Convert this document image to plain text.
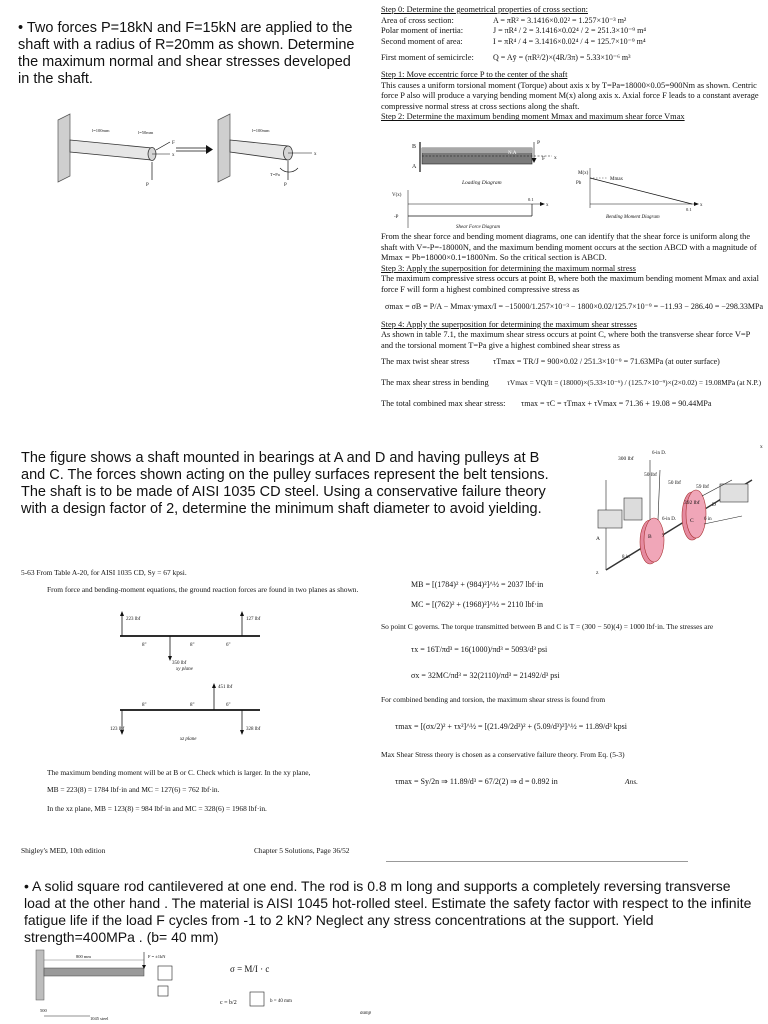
• Two forces P=18kN and F=15kN are applied to the shaft with a radius of R=20mm as shown. Determine the maximum normal and shear stresses developed in the shaft.
l=100mm	l=50mm
P
F
x
l=100mm
T=Pa
P
x
Step 0: Determine the geometrical properties of cross section:
Area of cross section:	A = πR² = 3.1416×0.02² = 1.257×10⁻³ m²
Polar moment of inertia:	J = πR⁴ / 2 = 3.1416×0.02⁴ / 2 = 251.3×10⁻⁹ m⁴
Second moment of area:	I = πR⁴ / 4 = 3.1416×0.02⁴ / 4 = 125.7×10⁻⁹ m⁴
First moment of semicircle:	Q = Aȳ = (πR²/2)×(4R/3π) = 5.33×10⁻⁶ m³
Step 1: Move eccentric force P to the center of the shaft
This causes a uniform torsional moment (Torque) about axis x by T=Pa=18000×0.05=900Nm as shown. Centric force P also will produce a varying bending moment M(x) along axis x. Axial force F leads to a constant average compressive normal stress at cross sections along the shaft.
Step 2: Determine the maximum bending moment Mmax and maximum shear force Vmax
B
A
N.A
P
F x
Loading Diagram
V(x)
-P
0.1
x
Shear Force Diagram
M(x)
Pb
Mmax
0.1
x
Bending Moment Diagram
From the shear force and bending moment diagrams, one can identify that the shear force is uniform along the shaft with V=-P=-18000N, and the maximum bending moment occurs at the section ABCD with a magnitude of Mmax = Pb=18000×0.1=1800Nm. So the critical section is ABCD.
Step 3: Apply the superposition for determining the maximum normal stress
The maximum compressive stress occurs at point B, where both the maximum bending moment Mmax and axial force F will form a highest combined compressive stress as
σmax = σB = P/A − Mmax·ymax/I = −15000/1.257×10⁻³ − 1800×0.02/125.7×10⁻⁹ = −11.93 − 286.40 = −298.33MPa
Step 4: Apply the superposition for determining the maximum shear stresses
As shown in table 7.1, the maximum shear stress occurs at point C, where both the transverse shear force V=P and the torsional moment T=Pa give a highest combined shear stress as
The max twist shear stress	τTmax = TR/J = 900×0.02 / 251.3×10⁻⁹ = 71.63MPa (at outer surface)
The max shear stress in bending	τVmax = VQ/It = (18000)×(5.33×10⁻⁶) / (125.7×10⁻⁹)×(2×0.02) = 19.08MPa (at N.P.)
The total combined max shear stress:	τmax = τC = τTmax + τVmax = 71.36 + 19.08 = 90.44MPa
The figure shows a shaft mounted in bearings at A and D and having pulleys at B and C. The forces shown acting on the pulley surfaces represent the belt tensions. The shaft is to be made of AISI 1035 CD steel. Using a conservative failure theory with a design factor of 2, determine the minimum shaft diameter to avoid yielding.
300 lbf
6-in D.
50 lbf
50 lbf
59 lbf
x
392 lbf D
6-in D.	C 6 in
B
8 in
A
y
z
5-63 From Table A-20, for AISI 1035 CD, Sy = 67 kpsi.
From force and bending-moment equations, the ground reaction forces are found in two planes as shown.
223 lbf	127 lbf
350 lbf
xy plane
8"	8"	6"
451 lbf
123 lbf	328 lbf
xz plane
8"	8"	6"
The maximum bending moment will be at B or C. Check which is larger. In the xy plane,
MB = 223(8) = 1784 lbf·in and MC = 127(6) = 762 lbf·in.
In the xz plane, MB = 123(8) = 984 lbf·in and MC = 328(6) = 1968 lbf·in.
Shigley's MED, 10th edition	Chapter 5 Solutions, Page 36/52
MB = [(1784)² + (984)²]^½ = 2037 lbf·in
MC = [(762)² + (1968)²]^½ = 2110 lbf·in
So point C governs. The torque transmitted between B and C is T = (300 − 50)(4) = 1000 lbf·in. The stresses are
τx = 16T/πd³ = 16(1000)/πd³ = 5093/d³ psi
σx = 32MC/πd³ = 32(2110)/πd³ = 21492/d³ psi
For combined bending and torsion, the maximum shear stress is found from
τmax = [(σx/2)² + τx²]^½ = [(21.49/2d³)² + (5.09/d³)²]^½ = 11.89/d³ kpsi
Max Shear Stress theory is chosen as a conservative failure theory. From Eq. (5-3)
τmax = Sy/2n ⇒ 11.89/d³ = 67/2(2) ⇒ d = 0.892 in	Ans.
• A solid square rod cantilevered at one end. The rod is 0.8 m long and supports a completely reversing transverse load at the other hand . The material is AISI 1045 hot-rolled steel. Estimate the safety factor with respect to the infinite fatigue life if the load F cycles from -1 to 2 kN? Neglect any stress concentrations at the support. Yield strength=400MPa . (b= 40 mm)
800 mm	F = ±1kN
500
1045 steel
σ = M/I · c
c = b/2	b = 40 mm
σamp
